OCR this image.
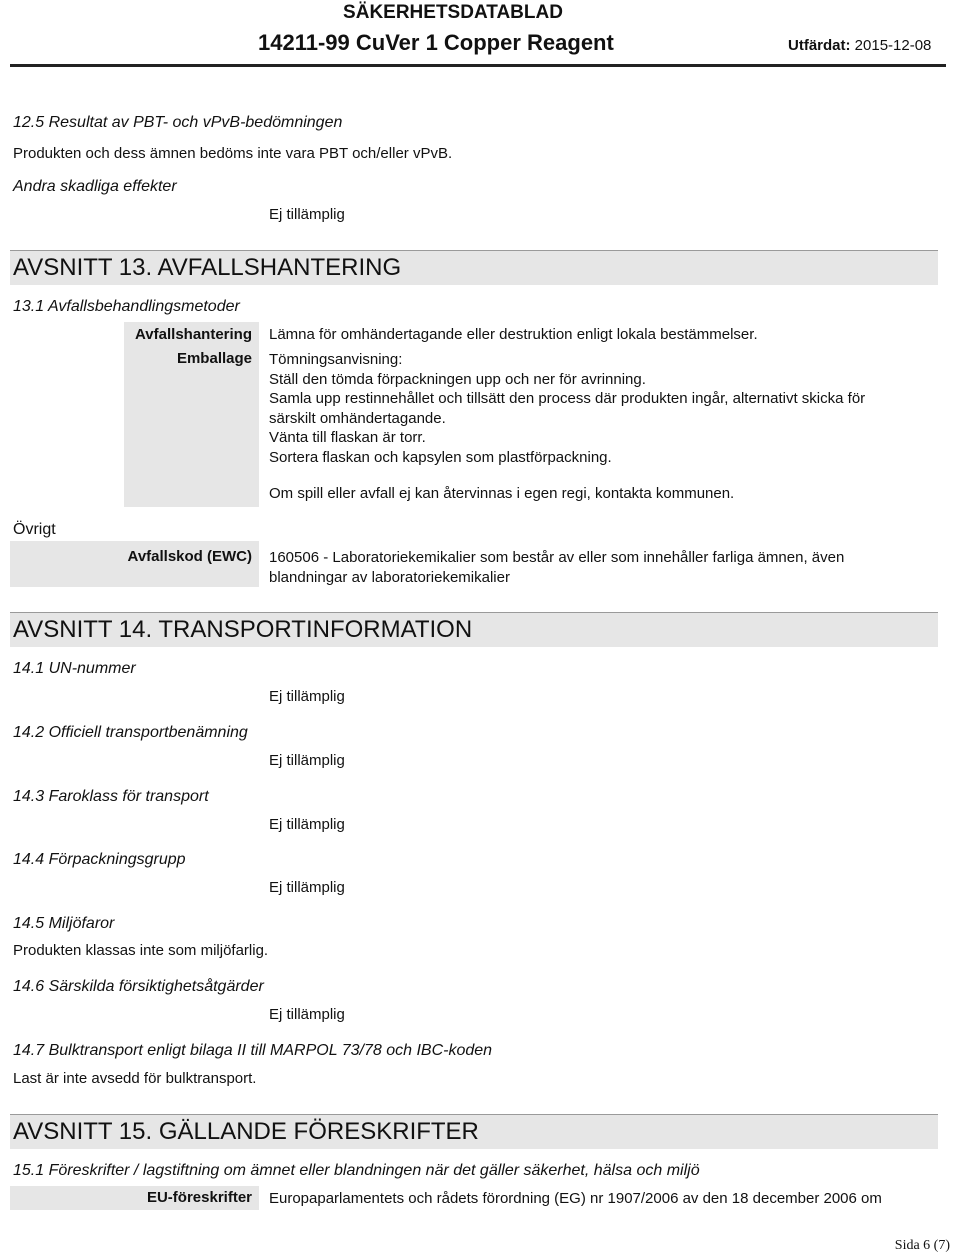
SÄKERHETSDATABLAD
14211-99 CuVer 1 Copper Reagent	Utfärdat: 2015-12-08
12.5 Resultat av PBT- och vPvB-bedömningen
Produkten och dess ämnen bedöms inte vara PBT och/eller vPvB.
Andra skadliga effekter
Ej tillämplig
AVSNITT 13. AVFALLSHANTERING
13.1 Avfallsbehandlingsmetoder
Avfallshantering
Emballage
Lämna för omhändertagande eller destruktion enligt lokala bestämmelser.
Tömningsanvisning:
Ställ den tömda förpackningen upp och ner för avrinning.
Samla upp restinnehållet och tillsätt den process där produkten ingår, alternativt skicka för
särskilt omhändertagande.
Vänta till flaskan är torr.
Sortera flaskan och kapsylen som plastförpackning.
Om spill eller avfall ej kan återvinnas i egen regi, kontakta kommunen.
Övrigt
Avfallskod (EWC) 160506 - Laboratoriekemikalier som består av eller som innehåller farliga ämnen, även
blandningar av laboratoriekemikalier
AVSNITT 14. TRANSPORTINFORMATION
14.1 UN-nummer
Ej tillämplig
14.2 Officiell transportbenämning
Ej tillämplig
14.3 Faroklass för transport
Ej tillämplig
14.4 Förpackningsgrupp
Ej tillämplig
14.5 Miljöfaror
Produkten klassas inte som miljöfarlig.
14.6 Särskilda försiktighetsåtgärder
Ej tillämplig
14.7 Bulktransport enligt bilaga II till MARPOL 73/78 och IBC-koden
Last är inte avsedd för bulktransport.
AVSNITT 15. GÄLLANDE FÖRESKRIFTER
15.1 Föreskrifter / lagstiftning om ämnet eller blandningen när det gäller säkerhet, hälsa och miljö
EU-föreskrifter Europaparlamentets och rådets förordning (EG) nr 1907/2006 av den 18 december 2006 om
Sida 6 (7)
